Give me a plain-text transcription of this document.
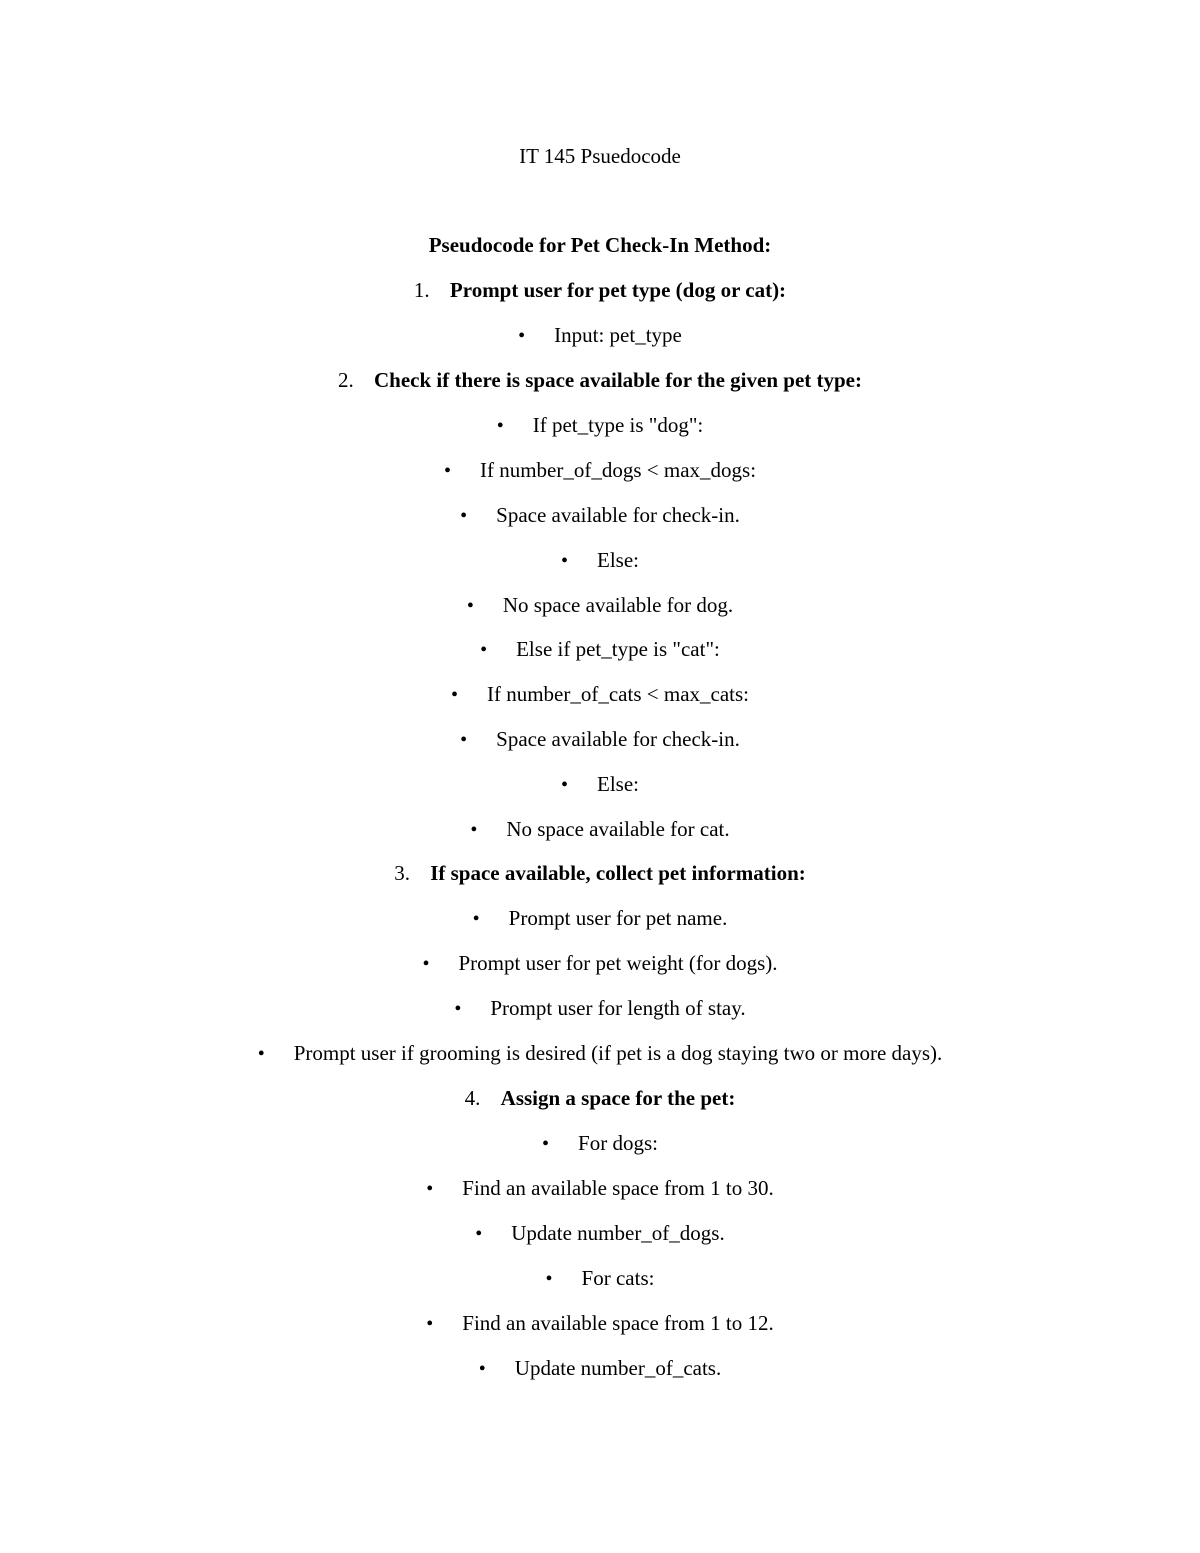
IT 145 Psuedocode
Pseudocode for Pet Check-In Method:
1. Prompt user for pet type (dog or cat):
• Input: pet_type
2. Check if there is space available for the given pet type:
• If pet_type is "dog":
• If number_of_dogs < max_dogs:
• Space available for check-in.
• Else:
• No space available for dog.
• Else if pet_type is "cat":
• If number_of_cats < max_cats:
• Space available for check-in.
• Else:
• No space available for cat.
3. If space available, collect pet information:
• Prompt user for pet name.
• Prompt user for pet weight (for dogs).
• Prompt user for length of stay.
• Prompt user if grooming is desired (if pet is a dog staying two or more days).
4. Assign a space for the pet:
• For dogs:
• Find an available space from 1 to 30.
• Update number_of_dogs.
• For cats:
• Find an available space from 1 to 12.
• Update number_of_cats.
